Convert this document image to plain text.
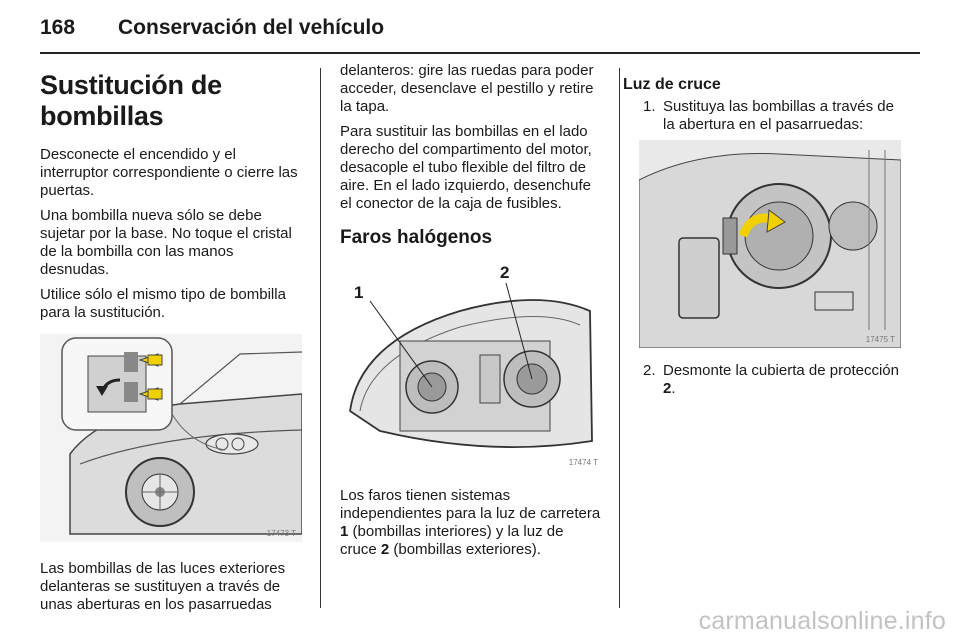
168 Conservación del vehículo
Sustitución de bombillas

Desconecte el encendido y el interruptor correspondiente o cierre las puertas.

Una bombilla nueva sólo se debe sujetar por la base. No toque el cristal de la bombilla con las manos desnudas.

Utilice sólo el mismo tipo de bombilla para la sustitución.

17473 T

Las bombillas de las luces exteriores delanteras se sustituyen a través de unas aberturas en los pasarruedas

delanteros: gire las ruedas para poder acceder, desenclave el pestillo y retire la tapa.

Para sustituir las bombillas en el lado derecho del compartimento del motor, desacople el tubo flexible del filtro de aire. En el lado izquierdo, desenchufe el conector de la caja de fusibles.

Faros halógenos
1
2
17474 T

Los faros tienen sistemas independientes para la luz de carretera 1 (bombillas interiores) y la luz de cruce 2 (bombillas exteriores).

Luz de cruce
1. Sustituya las bombillas a través de la abertura en el pasarruedas:
17475 T
2. Desmonte la cubierta de protección 2.
carmanualsonline.info
